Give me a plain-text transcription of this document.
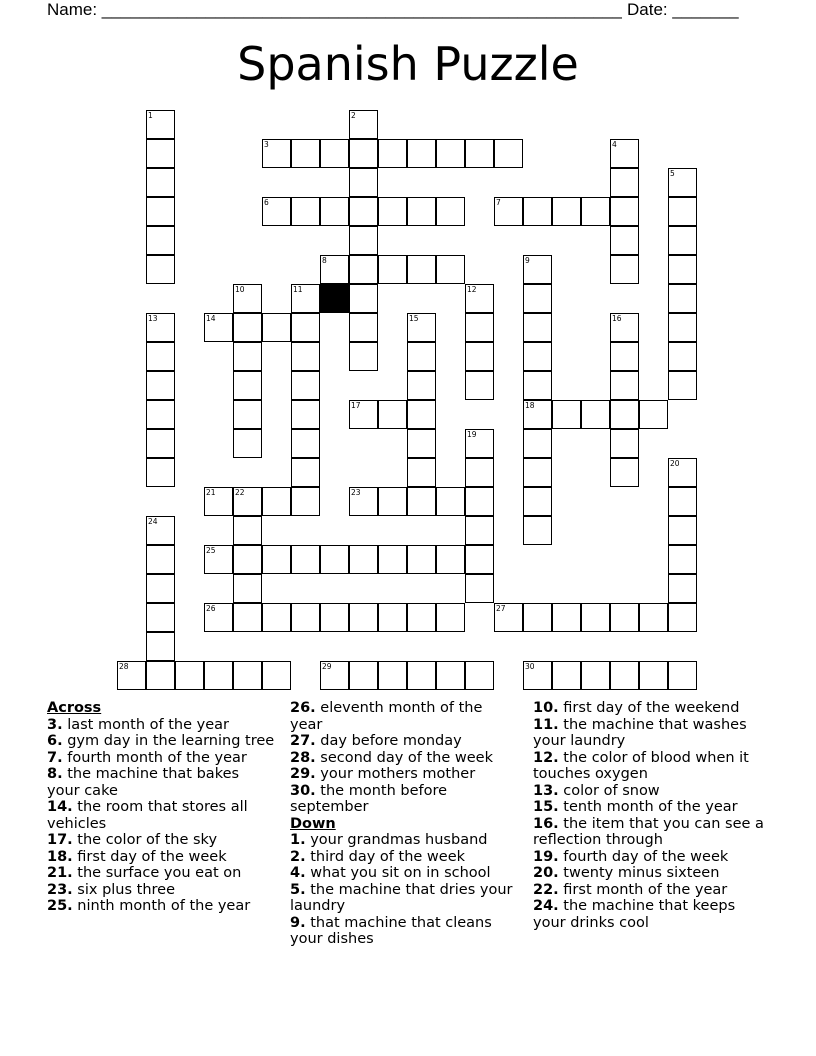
Name: _______________________________________________________ Date: _______
Spanish Puzzle
3
6	7
8
14
17	18
21	22	23
25
26	27
28	29	30
1	2
4
5
9
10	11	12
13	15	16
19
20
24
Across
3. last month of the year
6. gym day in the learning tree
7. fourth month of the year
8. the machine that bakes your cake
14. the room that stores all vehicles
17. the color of the sky
18. first day of the week
21. the surface you eat on
23. six plus three
25. ninth month of the year
26. eleventh month of the year
27. day before monday
28. second day of the week
29. your mothers mother
30. the month before september
Down
1. your grandmas husband
2. third day of the week
4. what you sit on in school
5. the machine that dries your laundry
9. that machine that cleans your dishes
10. first day of the weekend
11. the machine that washes your laundry
12. the color of blood when it touches oxygen
13. color of snow
15. tenth month of the year
16. the item that you can see a reflection through
19. fourth day of the week
20. twenty minus sixteen
22. first month of the year
24. the machine that keeps your drinks cool
